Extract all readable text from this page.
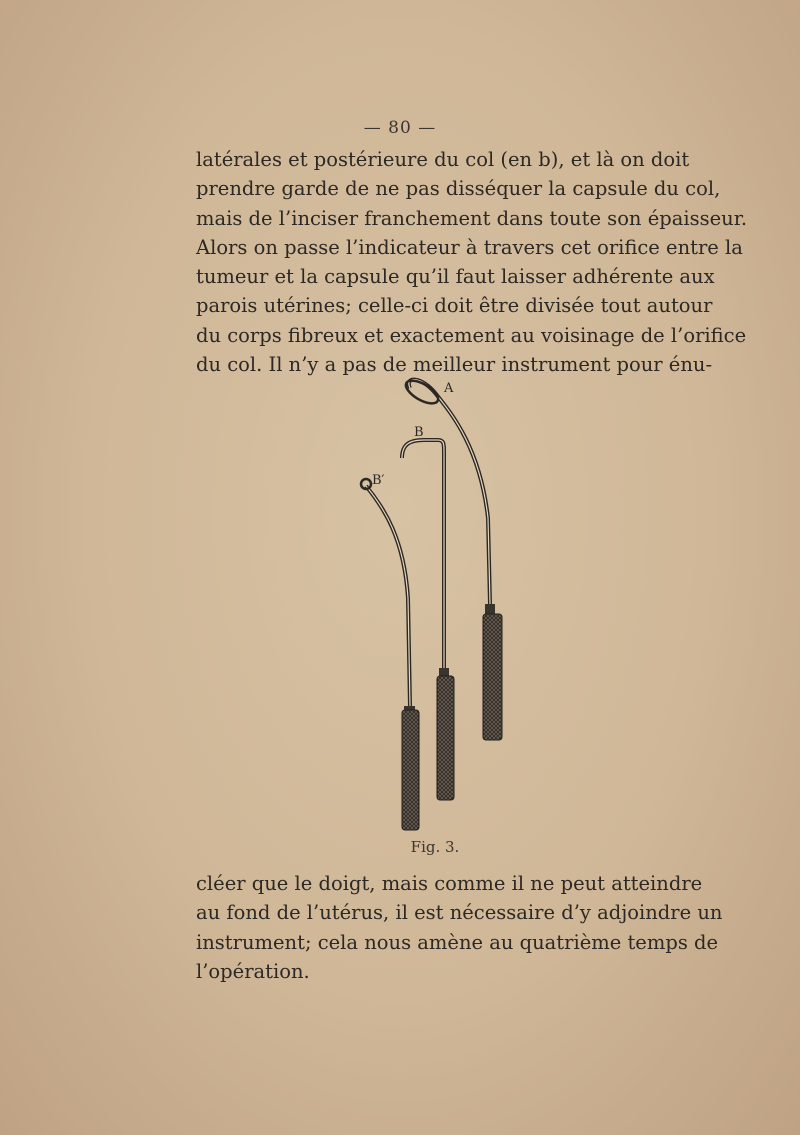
— 80 —
latérales et postérieure du col (en b), et là on doit
prendre garde de ne pas disséquer la capsule du col,
mais de l’inciser franchement dans toute son épaisseur.
Alors on passe l’indicateur à travers cet orifice entre la
tumeur et la capsule qu’il faut laisser adhérente aux
parois utérines; celle-ci doit être divisée tout autour
du corps fibreux et exactement au voisinage de l’orifice
du col. Il n’y a pas de meilleur instrument pour énu-
A
B
B′
Fig. 3.
cléer que le doigt, mais comme il ne peut atteindre
au fond de l’utérus, il est nécessaire d’y adjoindre un
instrument; cela nous amène au quatrième temps de
l’opération.
